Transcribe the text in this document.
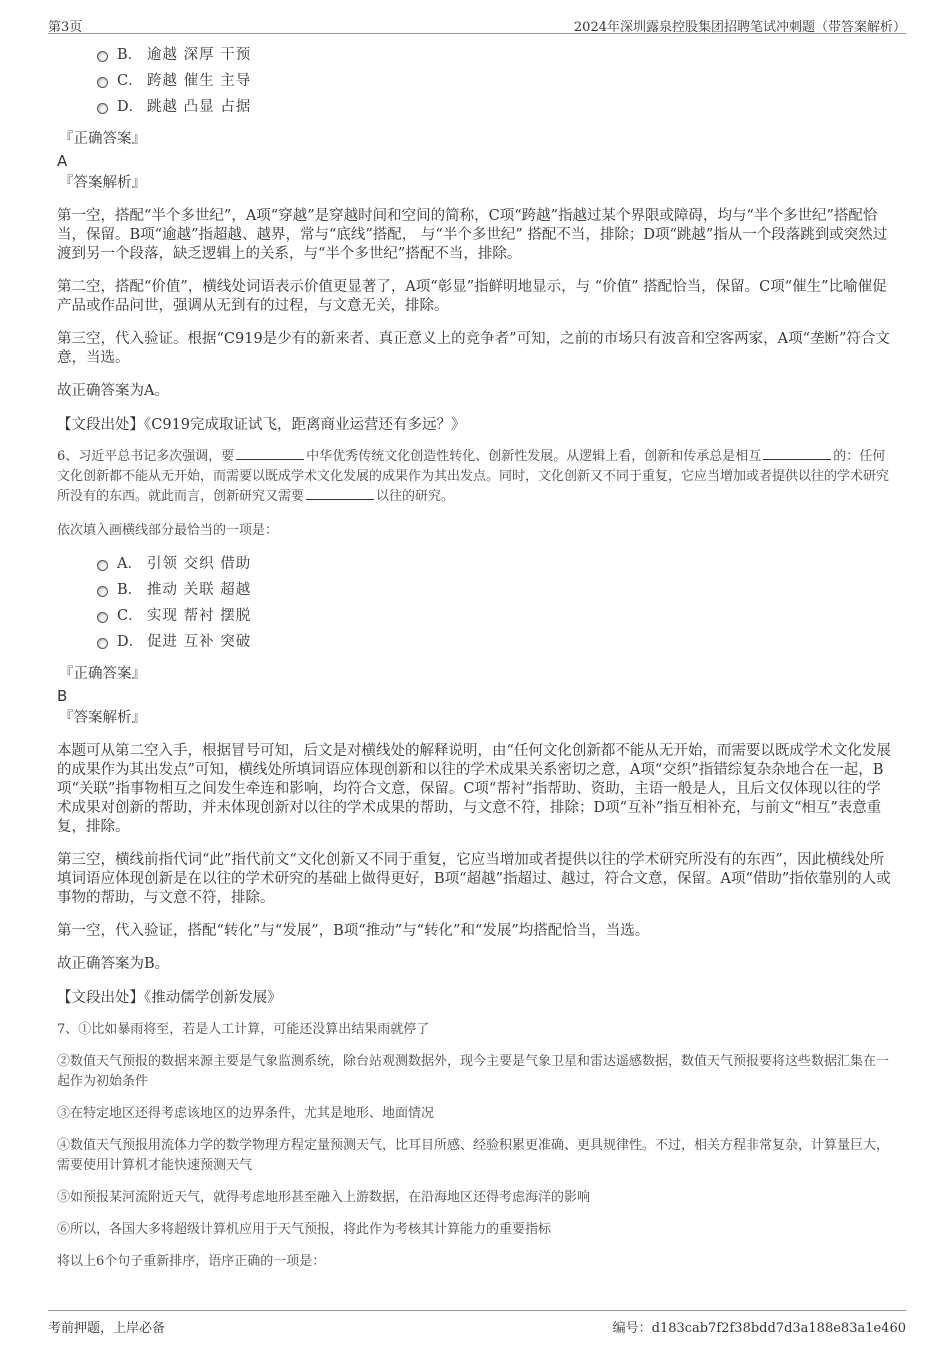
第3页	2024年深圳露泉控股集团招聘笔试冲刺题（带答案解析）
B． 逾越 深厚 干预
C． 跨越 催生 主导
D． 跳越 凸显 占据
『正确答案』
A
『答案解析』

第一空，搭配“半个多世纪”，A项“穿越”是穿越时间和空间的简称，C项“跨越”指越过某个界限或障碍，均与“半个多世纪”搭配恰当，保留。B项“逾越”指超越、越界，常与“底线”搭配， 与“半个多世纪” 搭配不当，排除；D项“跳越”指从一个段落跳到或突然过渡到另一个段落，缺乏逻辑上的关系，与“半个多世纪”搭配不当，排除。

第二空，搭配“价值”，横线处词语表示价值更显著了，A项“彰显”指鲜明地显示，与 “价值” 搭配恰当，保留。C项“催生”比喻催促产品或作品问世，强调从无到有的过程，与文意无关，排除。

第三空，代入验证。根据“C919是少有的新来者、真正意义上的竞争者”可知，之前的市场只有波音和空客两家，A项“垄断”符合文意，当选。

故正确答案为A。

【文段出处】《C919完成取证试飞，距离商业运营还有多远？》

6、习近平总书记多次强调，要	中华优秀传统文化创造性转化、创新性发展。从逻辑上看，创新和传承总是相互	的：任何文化创新都不能从无开始，而需要以既成学术文化发展的成果作为其出发点。同时，文化创新又不同于重复，它应当增加或者提供以往的学术研究所没有的东西。就此而言，创新研究又需要	以往的研究。

依次填入画横线部分最恰当的一项是：

A． 引领 交织 借助
B． 推动 关联 超越
C． 实现 帮衬 摆脱
D． 促进 互补 突破
『正确答案』
B
『答案解析』

本题可从第二空入手，根据冒号可知，后文是对横线处的解释说明，由“任何文化创新都不能从无开始，而需要以既成学术文化发展的成果作为其出发点”可知，横线处所填词语应体现创新和以往的学术成果关系密切之意，A项“交织”指错综复杂杂地合在一起，B项“关联”指事物相互之间发生牵连和影响，均符合文意，保留。C项“帮衬”指帮助、资助，主语一般是人，且后文仅体现以往的学术成果对创新的帮助，并未体现创新对以往的学术成果的帮助，与文意不符，排除；D项“互补”指互相补充，与前文“相互”表意重复，排除。

第三空，横线前指代词“此”指代前文“文化创新又不同于重复，它应当增加或者提供以往的学术研究所没有的东西”，因此横线处所填词语应体现创新是在以往的学术研究的基础上做得更好，B项“超越”指超过、越过，符合文意，保留。A项“借助”指依靠别的人或事物的帮助，与文意不符，排除。

第一空，代入验证，搭配“转化”与“发展”，B项“推动”与“转化”和“发展”均搭配恰当，当选。

故正确答案为B。

【文段出处】《推动儒学创新发展》

7、①比如暴雨将至，若是人工计算，可能还没算出结果雨就停了

②数值天气预报的数据来源主要是气象监测系统，除台站观测数据外，现今主要是气象卫星和雷达遥感数据，数值天气预报要将这些数据汇集在一起作为初始条件

③在特定地区还得考虑该地区的边界条件，尤其是地形、地面情况

④数值天气预报用流体力学的数学物理方程定量预测天气，比耳目所感、经验积累更准确、更具规律性。不过，相关方程非常复杂，计算量巨大，需要使用计算机才能快速预测天气

⑤如预报某河流附近天气，就得考虑地形甚至融入上游数据，在沿海地区还得考虑海洋的影响

⑥所以，各国大多将超级计算机应用于天气预报，将此作为考核其计算能力的重要指标

将以上6个句子重新排序，语序正确的一项是：

考前押题，上岸必备	编号：d183cab7f2f38bdd7d3a188e83a1e460
